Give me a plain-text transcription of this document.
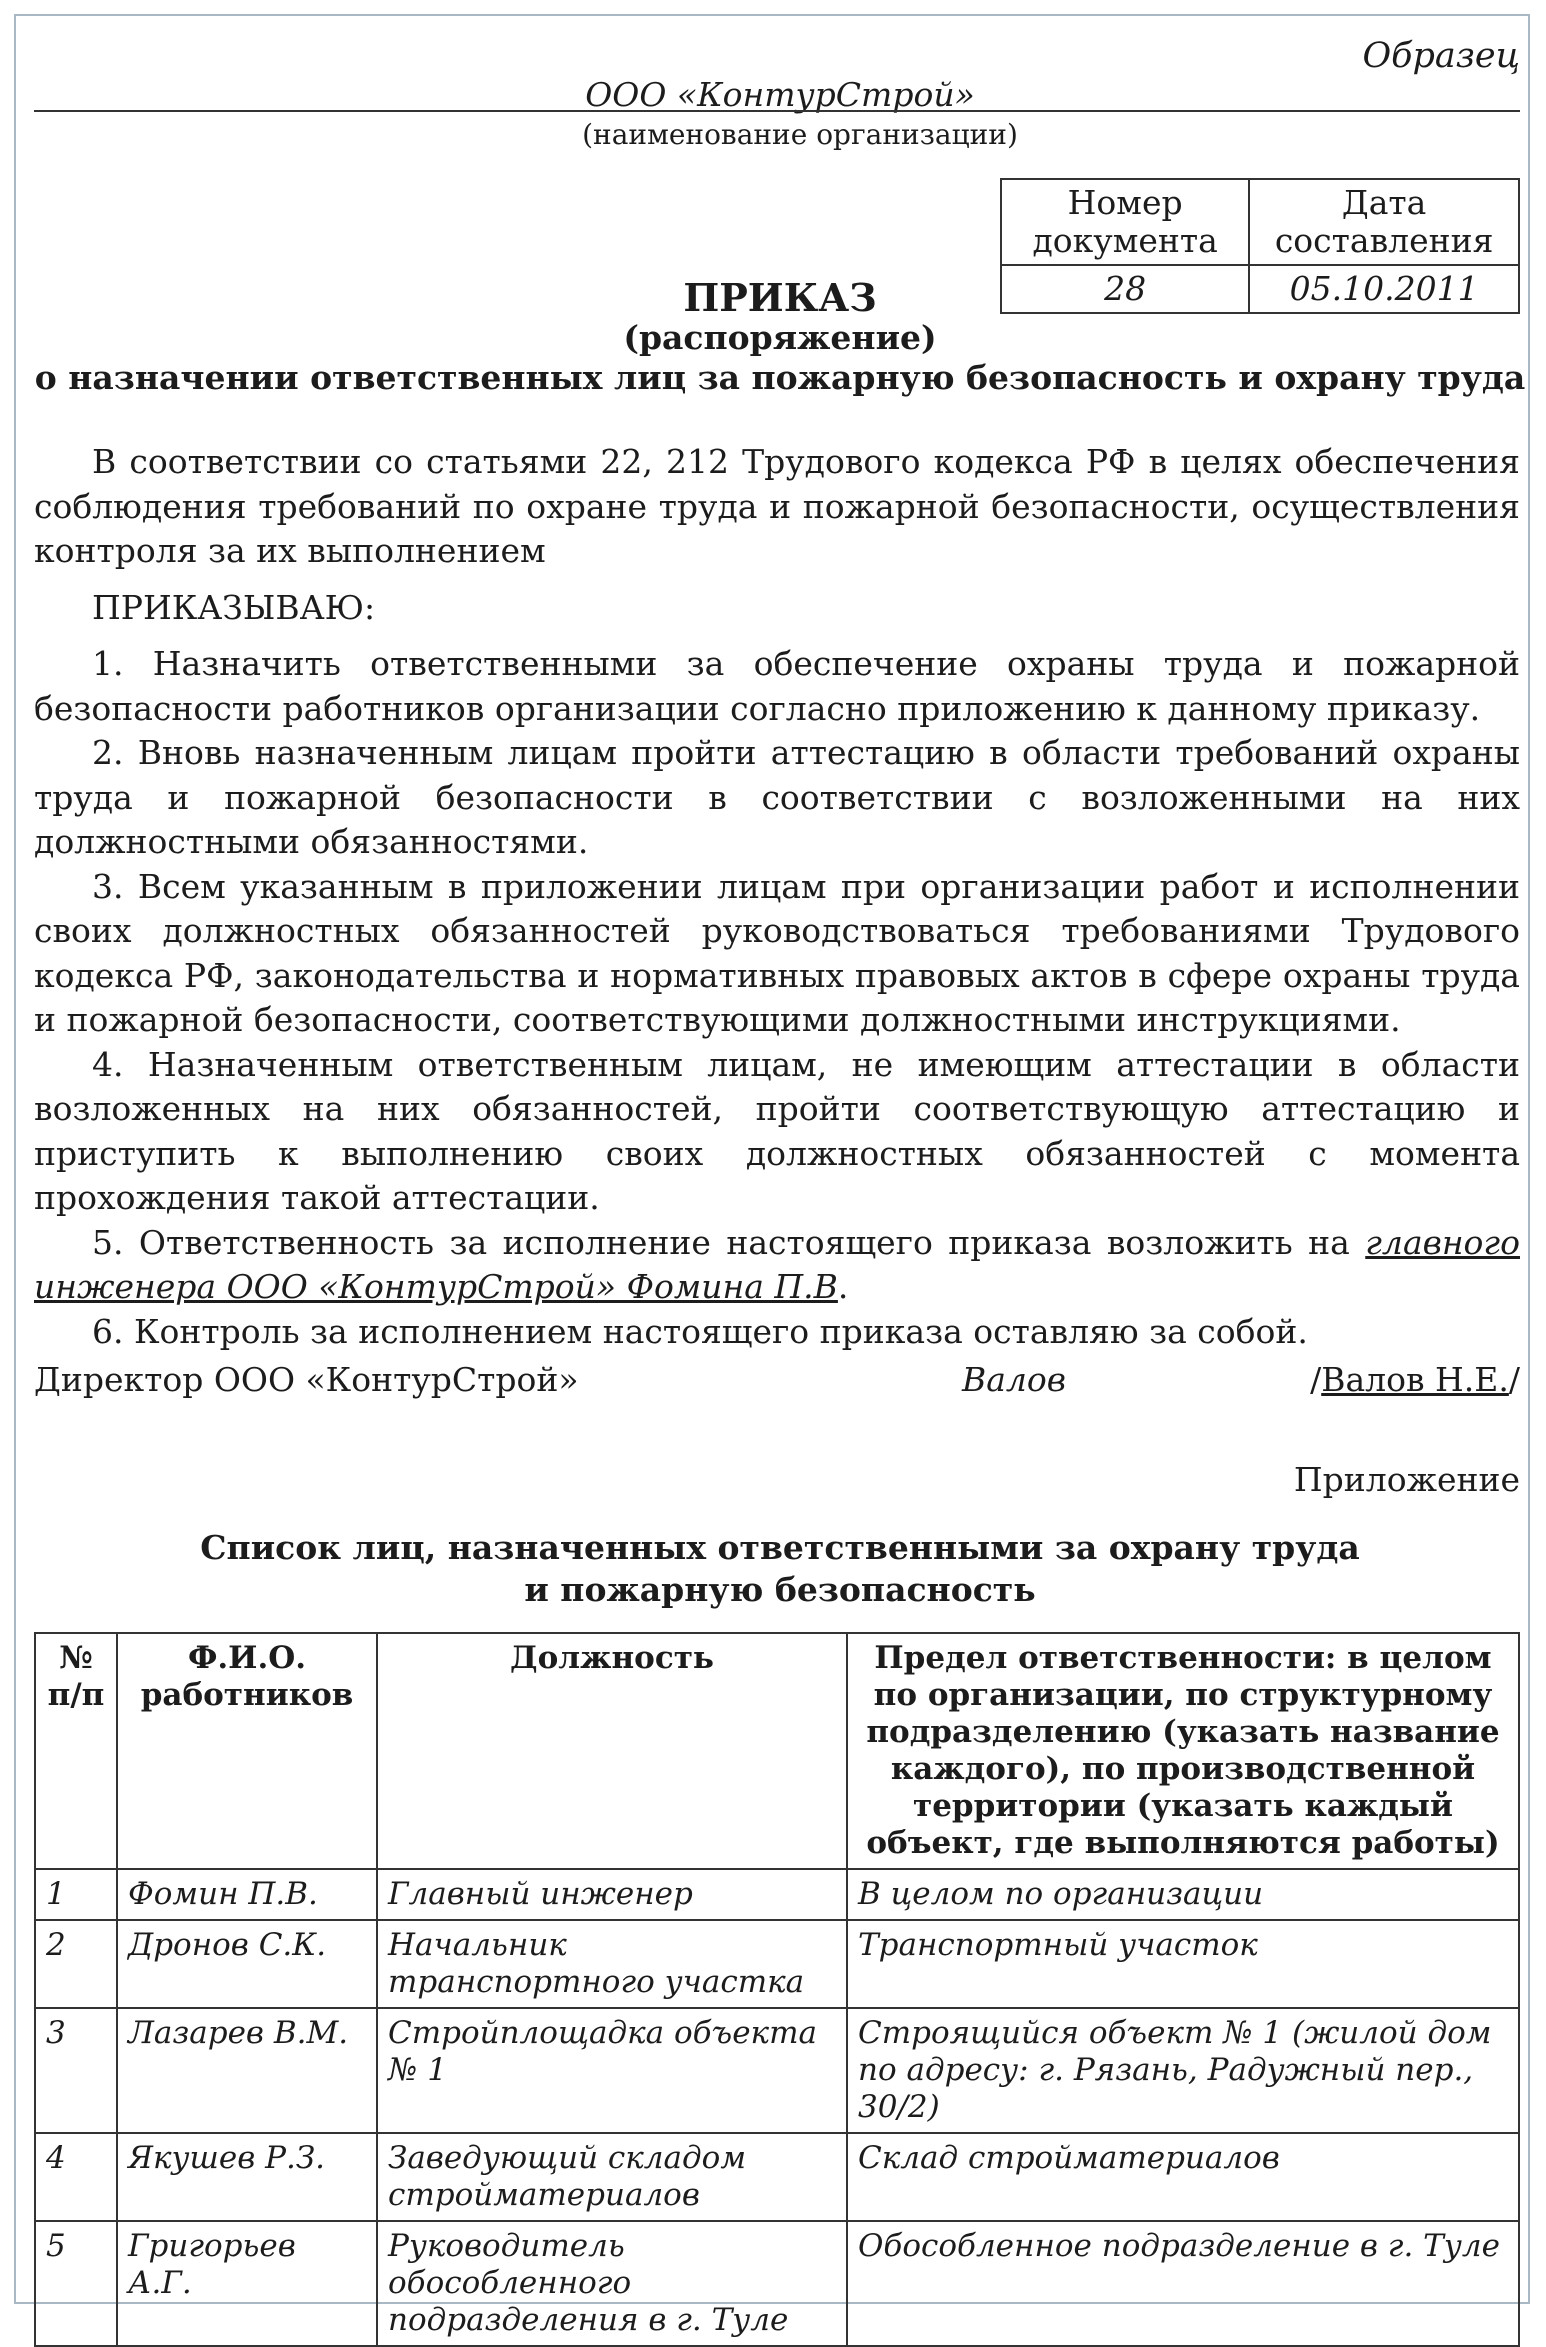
Образец
ООО «КонтурСтрой»
(наименование организации)
Номер документа	Дата составления
28	05.10.2011
ПРИКАЗ
(распоряжение)
о назначении ответственных лиц за пожарную безопасность и охрану труда

В соответствии со статьями 22, 212 Трудового кодекса РФ в целях обеспечения соблюдения требований по охране труда и пожарной безопасности, осуществления контроля за их выполнением

ПРИКАЗЫВАЮ:

1. Назначить ответственными за обеспечение охраны труда и пожарной безопасности работников организации согласно приложению к данному приказу.

2. Вновь назначенным лицам пройти аттестацию в области требований охраны труда и пожарной безопасности в соответствии с возложенными на них должностными обязанностями.

3. Всем указанным в приложении лицам при организации работ и исполнении своих должностных обязанностей руководствоваться требованиями Трудового кодекса РФ, законодательства и нормативных правовых актов в сфере охраны труда и пожарной безопасности, соответствующими должностными инструкциями.

4. Назначенным ответственным лицам, не имеющим аттестации в области возложенных на них обязанностей, пройти соответствующую аттестацию и приступить к выполнению своих должностных обязанностей с момента прохождения такой аттестации.

5. Ответственность за исполнение настоящего приказа возложить на главного инженера ООО «КонтурСтрой» Фомина П.В.

6. Контроль за исполнением настоящего приказа оставляю за собой.

Директор ООО «КонтурСтрой»	Валов	/Валов Н.Е./
Приложение
Список лиц, назначенных ответственными за охрану труда
и пожарную безопасность
№ п/п	Ф.И.О. работников	Должность	Предел ответственности: в целом по организации, по структурному подразделению (указать название каждого), по производственной территории (указать каждый объект, где выполняются работы)
1	Фомин П.В.	Главный инженер	В целом по организации
2	Дронов С.К.	Начальник транспортного участка	Транспортный участок
3	Лазарев В.М.	Стройплощадка объекта № 1	Строящийся объект № 1 (жилой дом по адресу: г. Рязань, Радужный пер., 30/2)
4	Якушев Р.З.	Заведующий складом стройматериалов	Склад стройматериалов
5	Григорьев А.Г.	Руководитель обособленного подразделения в г. Туле	Обособленное подразделение в г. Туле
